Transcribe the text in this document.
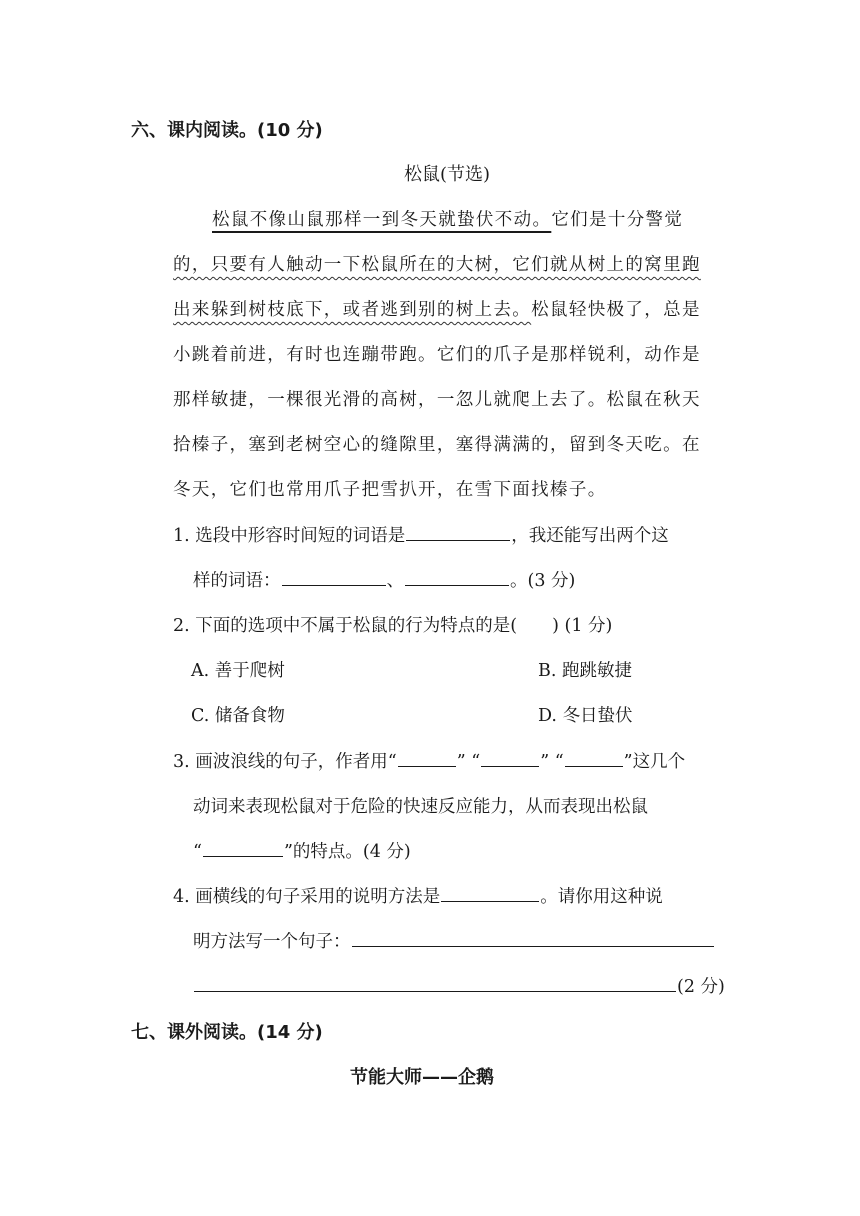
六、课内阅读。(10 分)
松鼠(节选)
松鼠不像山鼠那样一到冬天就蛰伏不动。它们是十分警觉
的，只要有人触动一下松鼠所在的大树，它们就从树上的窝里跑
出来躲到树枝底下，或者逃到别的树上去。松鼠轻快极了，总是
小跳着前进，有时也连蹦带跑。它们的爪子是那样锐利，动作是
那样敏捷，一棵很光滑的高树，一忽儿就爬上去了。松鼠在秋天
拾榛子，塞到老树空心的缝隙里，塞得满满的，留到冬天吃。在
冬天，它们也常用爪子把雪扒开，在雪下面找榛子。
1. 选段中形容时间短的词语是	，我还能写出两个这
样的词语：	、	。(3 分)
2. 下面的选项中不属于松鼠的行为特点的是(　　) (1 分)
A. 善于爬树	B. 跑跳敏捷
C. 储备食物	D. 冬日蛰伏
3. 画波浪线的句子，作者用“	” “	” “	”这几个
动词来表现松鼠对于危险的快速反应能力，从而表现出松鼠
“	”的特点。(4 分)
4. 画横线的句子采用的说明方法是	。请你用这种说
明方法写一个句子：
(2 分)
七、课外阅读。(14 分)
节能大师——企鹅
